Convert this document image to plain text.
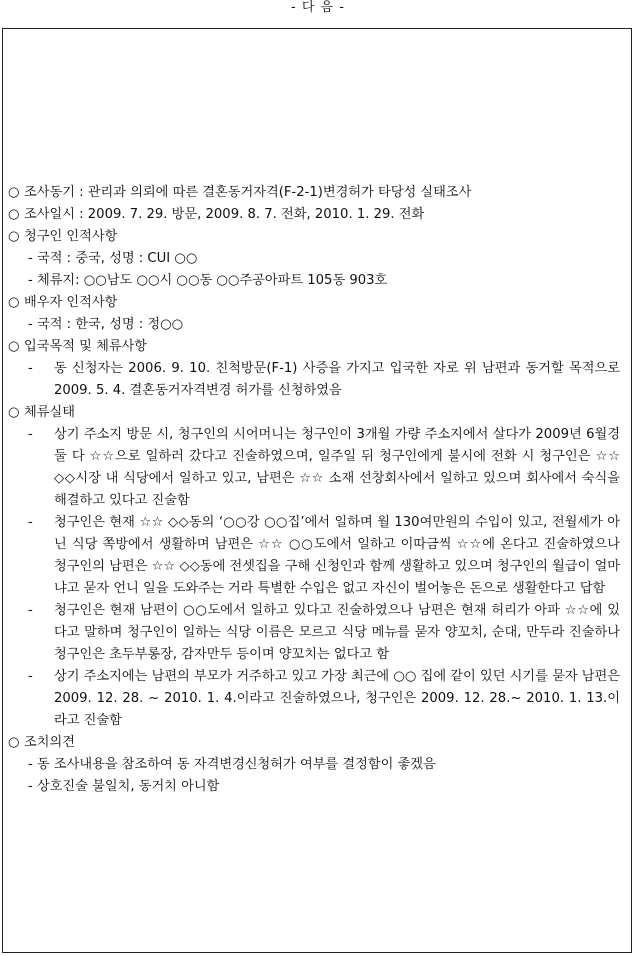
- 다 음 -
○ 조사동기 : 관리과 의뢰에 따른 결혼동거자격(F-2-1)변경허가 타당성 실태조사
○ 조사일시 : 2009. 7. 29. 방문, 2009. 8. 7. 전화, 2010. 1. 29. 전화
○ 청구인 인적사항
- 국적 : 중국, 성명 : CUI ○○
- 체류지: ○○남도 ○○시 ○○동 ○○주공아파트 105동 903호
○ 배우자 인적사항
- 국적 : 한국, 성명 : 정○○
○ 입국목적 및 체류사항
- 동 신청자는 2006. 9. 10. 친척방문(F-1) 사증을 가지고 입국한 자로 위 남편과 동거할 목적으로 2009. 5. 4. 결혼동거자격변경 허가를 신청하였음
○ 체류실태
- 상기 주소지 방문 시, 청구인의 시어머니는 청구인이 3개월 가량 주소지에서 살다가 2009년 6월경 둘 다 ☆☆으로 일하러 갔다고 진술하였으며, 일주일 뒤 청구인에게 불시에 전화 시 청구인은 ☆☆ ◇◇시장 내 식당에서 일하고 있고, 남편은 ☆☆ 소재 선창회사에서 일하고 있으며 회사에서 숙식을 해결하고 있다고 진술함
- 청구인은 현재 ☆☆ ◇◇동의 ‘○○강 ○○집’에서 일하며 월 130여만원의 수입이 있고, 전월세가 아닌 식당 쪽방에서 생활하며 남편은 ☆☆ ○○도에서 일하고 이따금씩 ☆☆에 온다고 진술하였으나 청구인의 남편은 ☆☆ ◇◇동에 전셋집을 구해 신청인과 함께 생활하고 있으며 청구인의 월급이 얼마냐고 묻자 언니 일을 도와주는 거라 특별한 수입은 없고 자신이 벌어놓은 돈으로 생활한다고 답함
- 청구인은 현재 남편이 ○○도에서 일하고 있다고 진술하였으나 남편은 현재 허리가 아파 ☆☆에 있다고 말하며 청구인이 일하는 식당 이름은 모르고 식당 메뉴를 묻자 양꼬치, 순대, 만두라 진술하나 청구인은 초두부롱장, 감자만두 등이며 양꼬치는 없다고 함
- 상기 주소지에는 남편의 부모가 거주하고 있고 가장 최근에 ○○ 집에 같이 있던 시기를 묻자 남편은 2009. 12. 28. ~ 2010. 1. 4.이라고 진술하였으나, 청구인은 2009. 12. 28.~ 2010. 1. 13.이라고 진술함
○ 조치의견
- 동 조사내용을 참조하여 동 자격변경신청허가 여부를 결정함이 좋겠음
- 상호진술 불일치, 동거치 아니함
